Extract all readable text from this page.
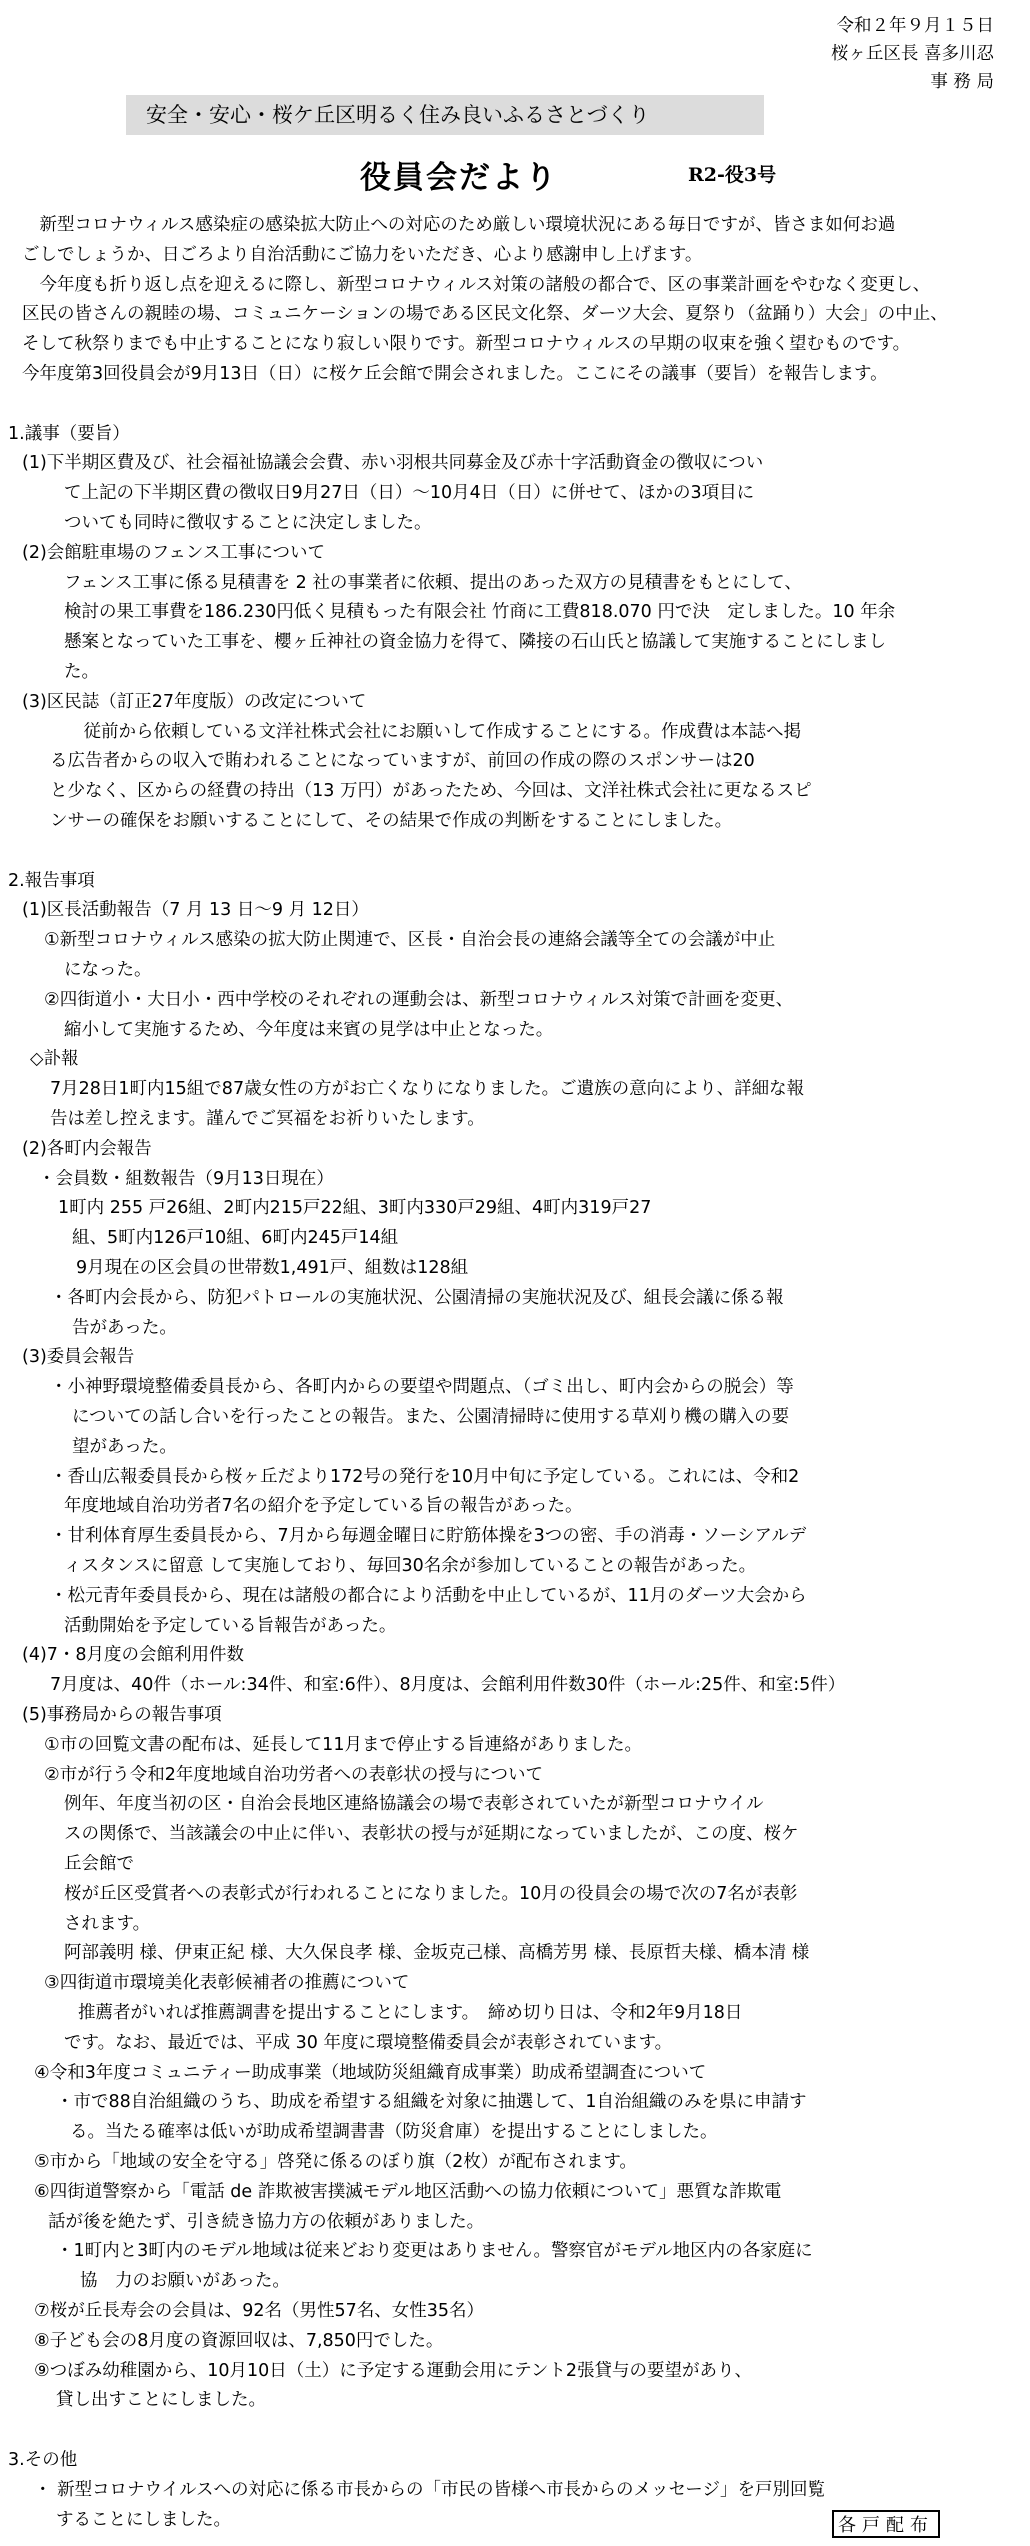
令和２年９月１５日
桜ヶ丘区長 喜多川忍
事 務 局
安全・安心・桜ケ丘区明るく住み良いふるさとづくり
役員会だより	R2-役3号
　新型コロナウィルス感染症の感染拡大防止への対応のため厳しい環境状況にある毎日ですが、皆さま如何お過
ごしでしょうか、日ごろより自治活動にご協力をいただき、心より感謝申し上げます。
　今年度も折り返し点を迎えるに際し、新型コロナウィルス対策の諸般の都合で、区の事業計画をやむなく変更し、
区民の皆さんの親睦の場、コミュニケーションの場である区民文化祭、ダーツ大会、夏祭り（盆踊り）大会」の中止、
そして秋祭りまでも中止することになり寂しい限りです。新型コロナウィルスの早期の収束を強く望むものです。
今年度第3回役員会が9月13日（日）に桜ケ丘会館で開会されました。ここにその議事（要旨）を報告します。
1.議事（要旨）
(1)下半期区費及び、社会福祉協議会会費、赤い羽根共同募金及び赤十字活動資金の徴収につい
て上記の下半期区費の徴収日9月27日（日）～10月4日（日）に併せて、ほかの3項目に
ついても同時に徴収することに決定しました。
(2)会館駐車場のフェンス工事について
フェンス工事に係る見積書を 2 社の事業者に依頼、提出のあった双方の見積書をもとにして、
検討の果工事費を186.230円低く見積もった有限会社 竹商に工費818.070 円で決　定しました。10 年余
懸案となっていた工事を、櫻ヶ丘神社の資金協力を得て、隣接の石山氏と協議して実施することにしまし
た。
(3)区民誌（訂正27年度版）の改定について
　従前から依頼している文洋社株式会社にお願いして作成することにする。作成費は本誌へ掲
る広告者からの収入で賄われることになっていますが、前回の作成の際のスポンサーは20
と少なく、区からの経費の持出（13 万円）があったため、今回は、文洋社株式会社に更なるスピ
ンサーの確保をお願いすることにして、その結果で作成の判断をすることにしました。
2.報告事項
(1)区長活動報告（7 月 13 日～9 月 12日）
①新型コロナウィルス感染の拡大防止関連で、区長・自治会長の連絡会議等全ての会議が中止
になった。
②四街道小・大日小・西中学校のそれぞれの運動会は、新型コロナウィルス対策で計画を変更、
縮小して実施するため、今年度は来賓の見学は中止となった。
◇訃報
7月28日1町内15組で87歳女性の方がお亡くなりになりました。ご遺族の意向により、詳細な報
告は差し控えます。謹んでご冥福をお祈りいたします。
(2)各町内会報告
・会員数・組数報告（9月13日現在）
1町内 255 戸26組、2町内215戸22組、3町内330戸29組、4町内319戸27
組、5町内126戸10組、6町内245戸14組
9月現在の区会員の世帯数1,491戸、組数は128組
・各町内会長から、防犯パトロールの実施状況、公園清掃の実施状況及び、組長会議に係る報
告があった。
(3)委員会報告
・小神野環境整備委員長から、各町内からの要望や問題点、（ゴミ出し、町内会からの脱会）等
についての話し合いを行ったことの報告。また、公園清掃時に使用する草刈り機の購入の要
望があった。
・香山広報委員長から桜ヶ丘だより172号の発行を10月中旬に予定している。これには、令和2
年度地域自治功労者7名の紹介を予定している旨の報告があった。
・甘利体育厚生委員長から、7月から毎週金曜日に貯筋体操を3つの密、手の消毒・ソーシアルデ
ィスタンスに留意 して実施しており、毎回30名余が参加していることの報告があった。
・松元青年委員長から、現在は諸般の都合により活動を中止しているが、11月のダーツ大会から
活動開始を予定している旨報告があった。
(4)7・8月度の会館利用件数
7月度は、40件（ホール:34件、和室:6件）、8月度は、会館利用件数30件（ホール:25件、和室:5件）
(5)事務局からの報告事項
①市の回覧文書の配布は、延長して11月まで停止する旨連絡がありました。
②市が行う令和2年度地域自治功労者への表彰状の授与について
例年、年度当初の区・自治会長地区連絡協議会の場で表彰されていたが新型コロナウイル
スの関係で、当該議会の中止に伴い、表彰状の授与が延期になっていましたが、この度、桜ケ
丘会館で
桜が丘区受賞者への表彰式が行われることになりました。10月の役員会の場で次の7名が表彰
されます。
阿部義明 様、伊東正紀 様、大久保良孝 様、金坂克己様、高橋芳男 様、長原哲夫様、橋本清 様
③四街道市環境美化表彰候補者の推薦について
推薦者がいれば推薦調書を提出することにします。　締め切り日は、令和2年9月18日
です。なお、最近では、平成 30 年度に環境整備委員会が表彰されています。
④令和3年度コミュニティー助成事業（地域防災組織育成事業）助成希望調査について
・市で88自治組織のうち、助成を希望する組織を対象に抽選して、1自治組織のみを県に申請す
る。当たる確率は低いが助成希望調書書（防災倉庫）を提出することにしました。
⑤市から「地域の安全を守る」啓発に係るのぼり旗（2枚）が配布されます。
⑥四街道警察から「電話 de 詐欺被害撲滅モデル地区活動への協力依頼について」悪質な詐欺電
話が後を絶たず、引き続き協力方の依頼がありました。
・1町内と3町内のモデル地域は従来どおり変更はありません。警察官がモデル地区内の各家庭に
協　力のお願いがあった。
⑦桜が丘長寿会の会員は、92名（男性57名、女性35名）
⑧子ども会の8月度の資源回収は、7,850円でした。
⑨つぼみ幼稚園から、10月10日（土）に予定する運動会用にテント2張貸与の要望があり、
貸し出すことにしました。
3.その他
・ 新型コロナウイルスへの対応に係る市長からの「市民の皆様へ市長からのメッセージ」を戸別回覧
することにしました。	各戸配布
